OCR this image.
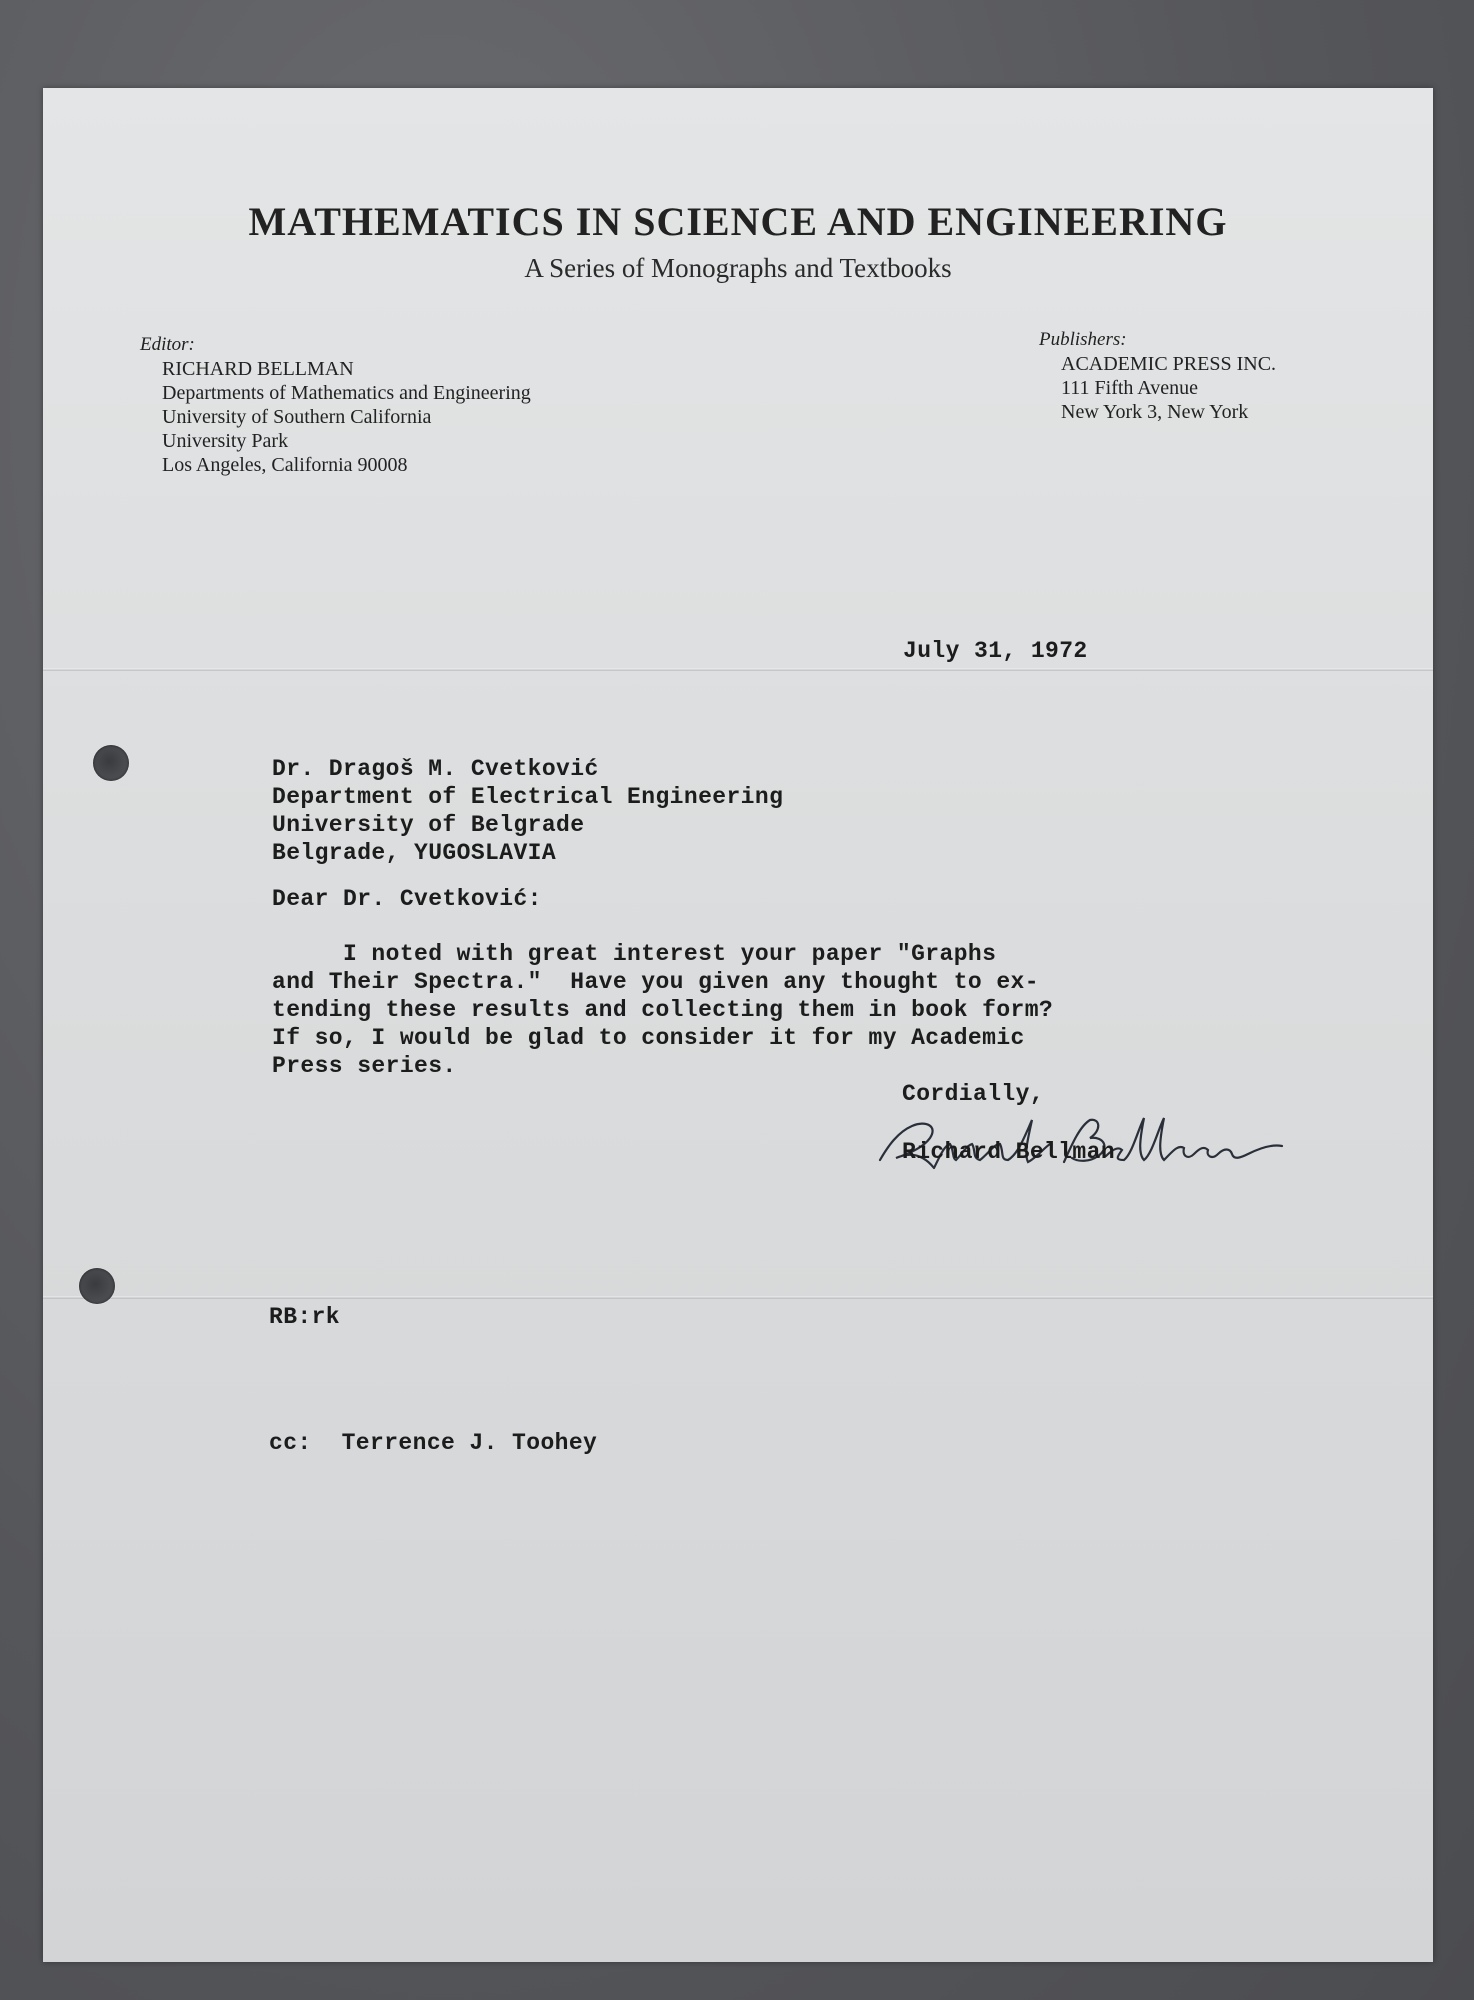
MATHEMATICS IN SCIENCE AND ENGINEERING
A Series of Monographs and Textbooks
Editor:
RICHARD BELLMAN
Departments of Mathematics and Engineering
University of Southern California
University Park
Los Angeles, California 90008
Publishers:
ACADEMIC PRESS INC.
111 Fifth Avenue
New York 3, New York
July 31, 1972
Dr. Dragoš M. Cvetković
Department of Electrical Engineering
University of Belgrade
Belgrade, YUGOSLAVIA
Dear Dr. Cvetković:
I noted with great interest your paper "Graphs
and Their Spectra."  Have you given any thought to ex-
tending these results and collecting them in book form?
If so, I would be glad to consider it for my Academic
Press series.
Cordially,
Richard Bellman
RB:rk
cc: Terrence J. Toohey
